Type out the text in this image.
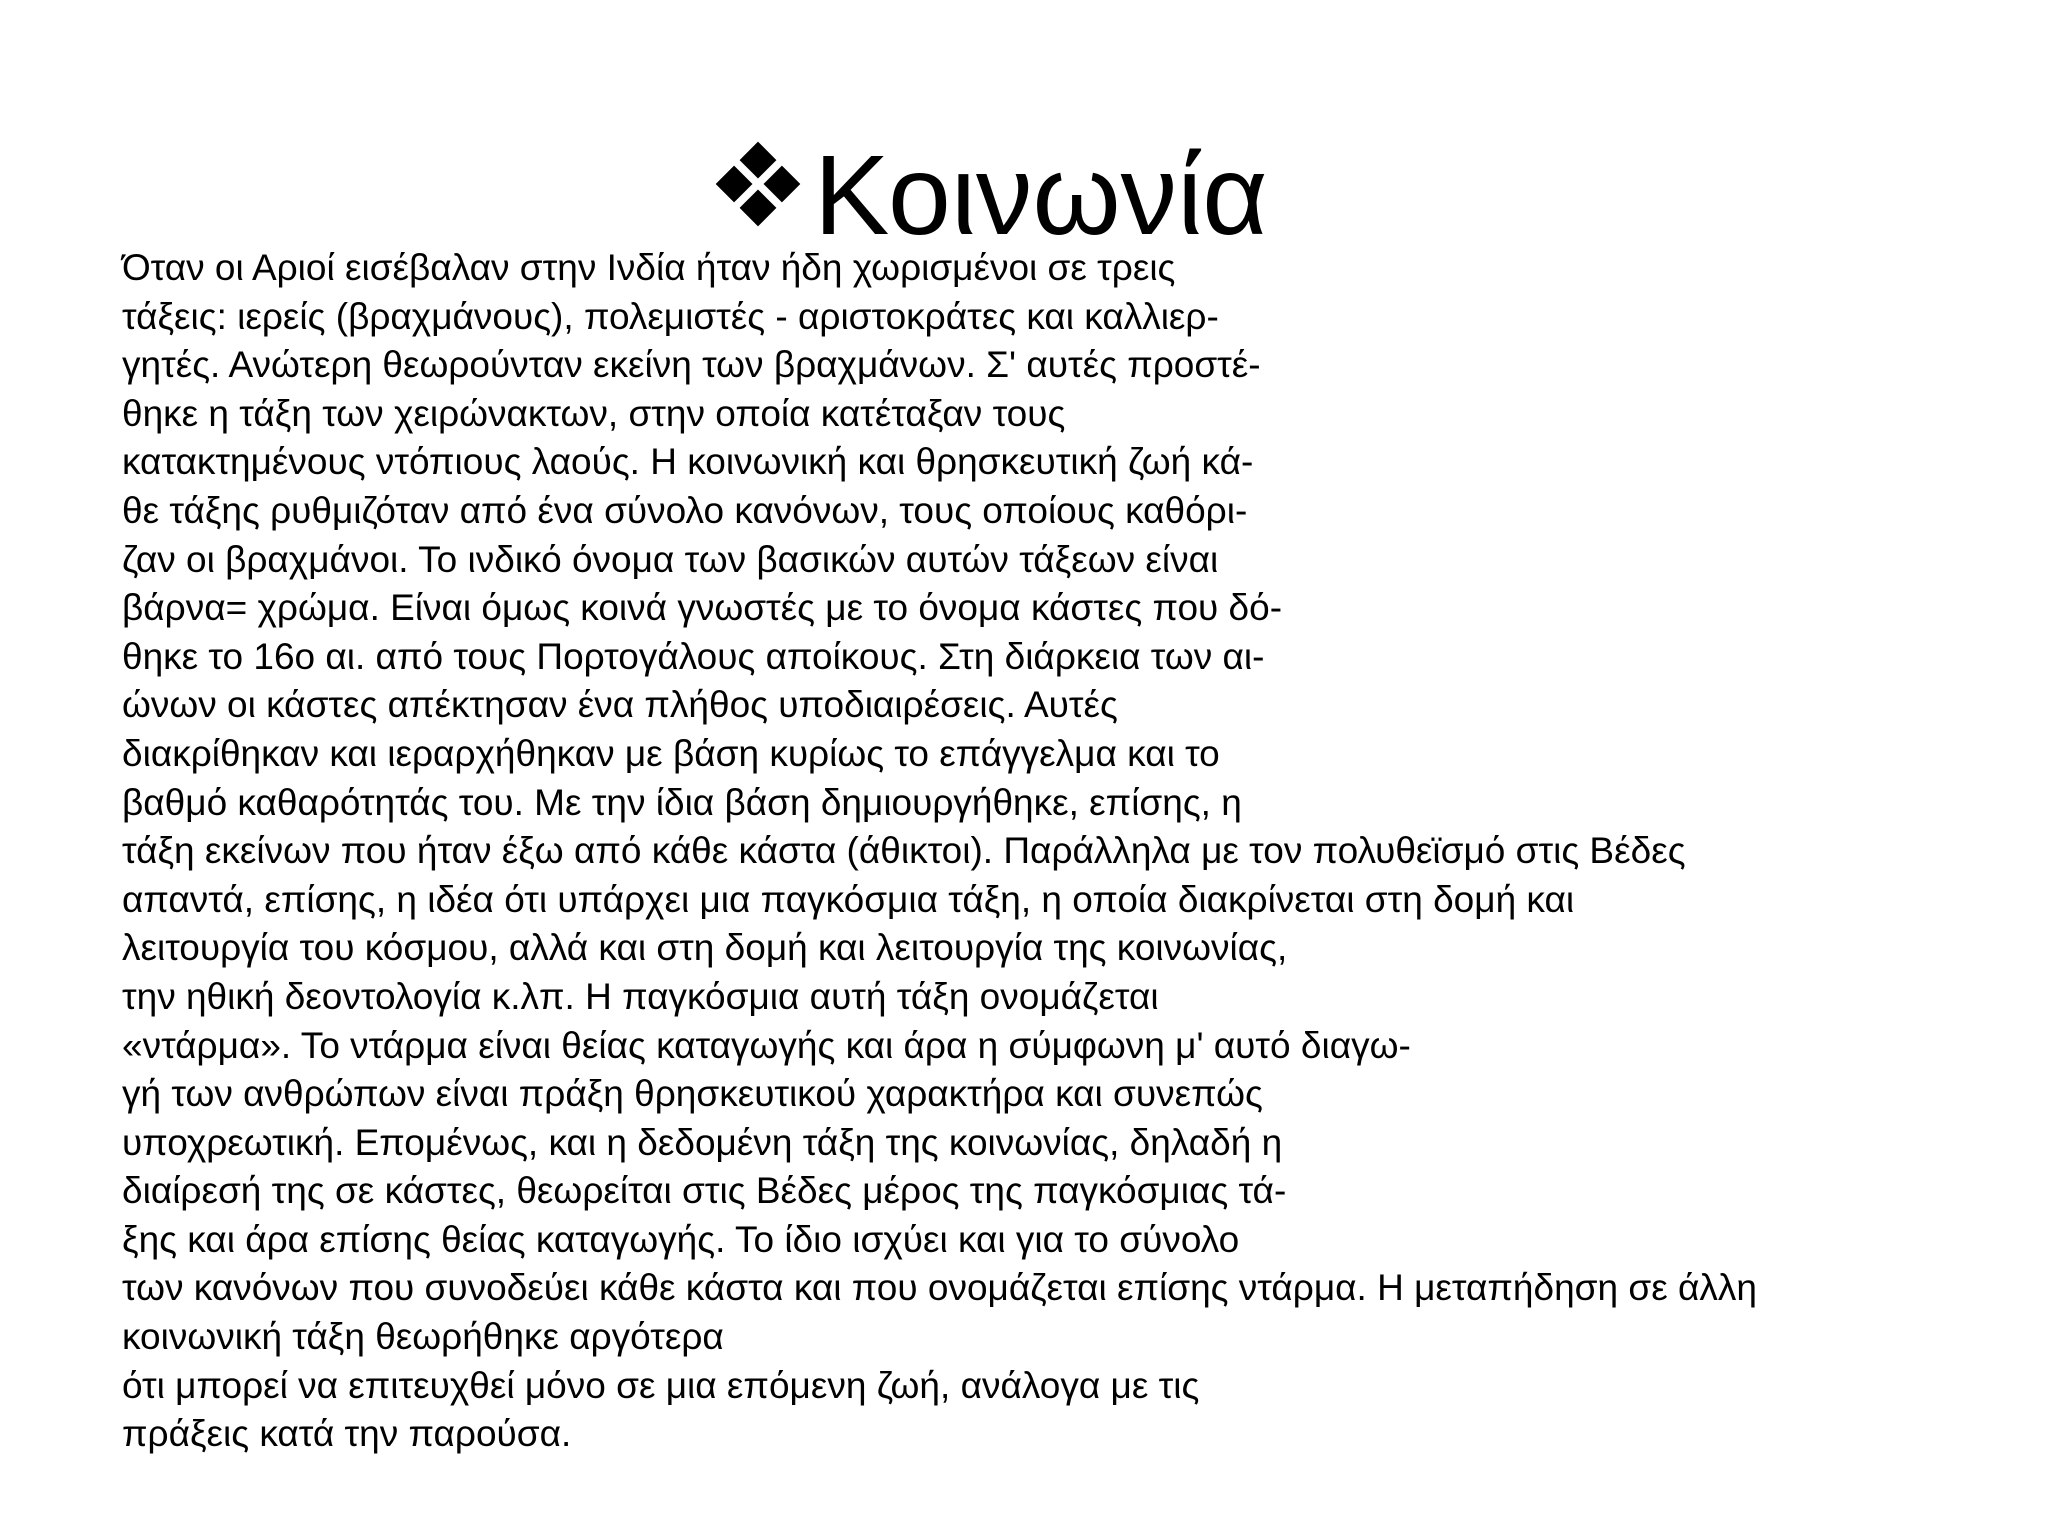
Κοινωνία
Όταν οι Αριοί εισέβαλαν στην Ινδία ήταν ήδη χωρισμένοι σε τρεις
τάξεις: ιερείς (βραχμάνους), πολεμιστές - αριστοκράτες και καλλιερ-
γητές. Ανώτερη θεωρούνταν εκείνη των βραχμάνων. Σ' αυτές προστέ-
θηκε η τάξη των χειρώνακτων, στην οποία κατέταξαν τους
κατακτημένους ντόπιους λαούς. Η κοινωνική και θρησκευτική ζωή κά-
θε τάξης ρυθμιζόταν από ένα σύνολο κανόνων, τους οποίους καθόρι-
ζαν οι βραχμάνοι. Το ινδικό όνομα των βασικών αυτών τάξεων είναι
βάρνα= χρώμα. Είναι όμως κοινά γνωστές με το όνομα κάστες που δό-
θηκε το 16ο αι. από τους Πορτογάλους αποίκους. Στη διάρκεια των αι-
ώνων οι κάστες απέκτησαν ένα πλήθος υποδιαιρέσεις. Αυτές
διακρίθηκαν και ιεραρχήθηκαν με βάση κυρίως το επάγγελμα και το
βαθμό καθαρότητάς του. Με την ίδια βάση δημιουργήθηκε, επίσης, η
τάξη εκείνων που ήταν έξω από κάθε κάστα (άθικτοι). Παράλληλα με τον πολυθεϊσμό στις Βέδες
απαντά, επίσης, η ιδέα ότι υπάρχει μια παγκόσμια τάξη, η οποία διακρίνεται στη δομή και
λειτουργία του κόσμου, αλλά και στη δομή και λειτουργία της κοινωνίας,
την ηθική δεοντολογία κ.λπ. Η παγκόσμια αυτή τάξη ονομάζεται
«ντάρμα». Το ντάρμα είναι θείας καταγωγής και άρα η σύμφωνη μ' αυτό διαγω-
γή των ανθρώπων είναι πράξη θρησκευτικού χαρακτήρα και συνεπώς
υποχρεωτική. Επομένως, και η δεδομένη τάξη της κοινωνίας, δηλαδή η
διαίρεσή της σε κάστες, θεωρείται στις Βέδες μέρος της παγκόσμιας τά-
ξης και άρα επίσης θείας καταγωγής. Το ίδιο ισχύει και για το σύνολο
των κανόνων που συνοδεύει κάθε κάστα και που ονομάζεται επίσης ντάρμα. Η μεταπήδηση σε άλλη
κοινωνική τάξη θεωρήθηκε αργότερα
ότι μπορεί να επιτευχθεί μόνο σε μια επόμενη ζωή, ανάλογα με τις
πράξεις κατά την παρούσα.
